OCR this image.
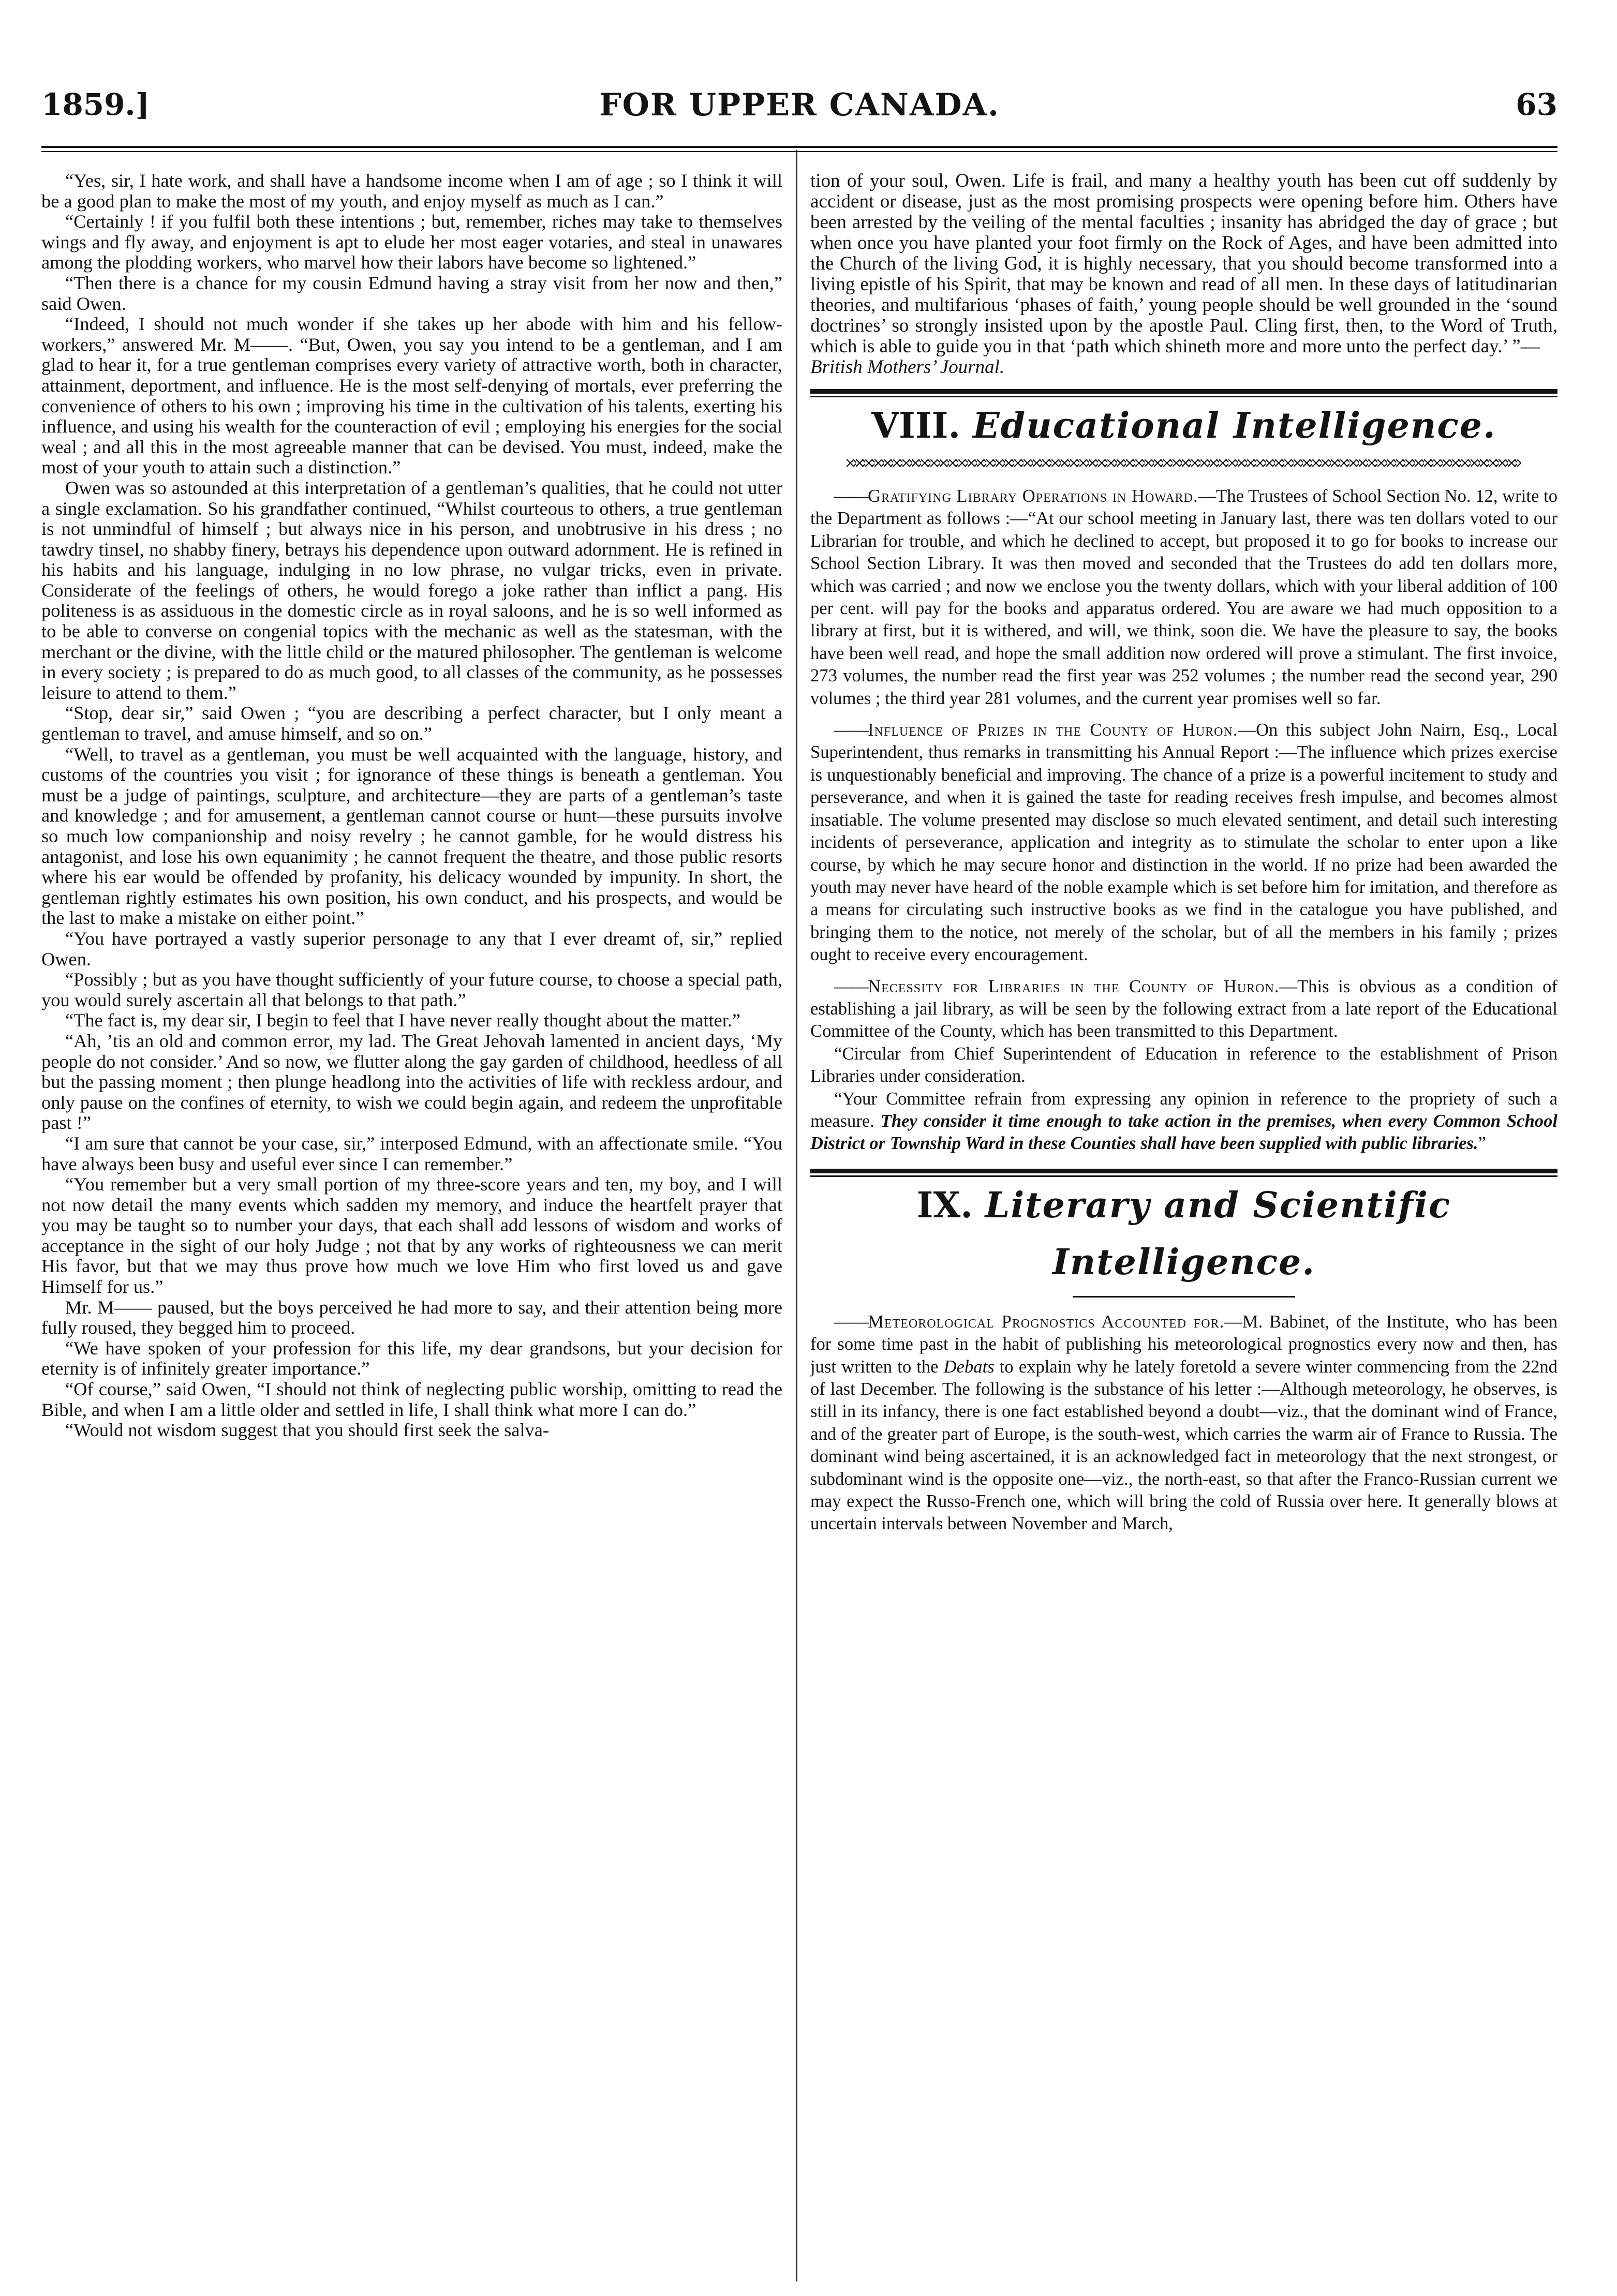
1859.]	FOR UPPER CANADA.	63

“Yes, sir, I hate work, and shall have a handsome income when I am of age ; so I think it will be a good plan to make the most of my youth, and enjoy myself as much as I can.”

“Certainly ! if you fulfil both these intentions ; but, remember, riches may take to themselves wings and fly away, and enjoyment is apt to elude her most eager votaries, and steal in unawares among the plodding workers, who marvel how their labors have become so lightened.”

“Then there is a chance for my cousin Edmund having a stray visit from her now and then,” said Owen.

“Indeed, I should not much wonder if she takes up her abode with him and his fellow-workers,” answered Mr. M——. “But, Owen, you say you intend to be a gentleman, and I am glad to hear it, for a true gentleman comprises every variety of attractive worth, both in character, attainment, deportment, and influence. He is the most self-denying of mortals, ever preferring the convenience of others to his own ; improving his time in the cultivation of his talents, exerting his influence, and using his wealth for the counteraction of evil ; employing his energies for the social weal ; and all this in the most agreeable manner that can be devised. You must, indeed, make the most of your youth to attain such a distinction.”

Owen was so astounded at this interpretation of a gentleman’s qualities, that he could not utter a single exclamation. So his grandfather continued, “Whilst courteous to others, a true gentleman is not unmindful of himself ; but always nice in his person, and unobtrusive in his dress ; no tawdry tinsel, no shabby finery, betrays his dependence upon outward adornment. He is refined in his habits and his language, indulging in no low phrase, no vulgar tricks, even in private. Considerate of the feelings of others, he would forego a joke rather than inflict a pang. His politeness is as assiduous in the domestic circle as in royal saloons, and he is so well informed as to be able to converse on congenial topics with the mechanic as well as the statesman, with the merchant or the divine, with the little child or the matured philosopher. The gentleman is welcome in every society ; is prepared to do as much good, to all classes of the community, as he possesses leisure to attend to them.”

“Stop, dear sir,” said Owen ; “you are describing a perfect character, but I only meant a gentleman to travel, and amuse himself, and so on.”

“Well, to travel as a gentleman, you must be well acquainted with the language, history, and customs of the countries you visit ; for ignorance of these things is beneath a gentleman. You must be a judge of paintings, sculpture, and architecture—they are parts of a gentleman’s taste and knowledge ; and for amusement, a gentleman cannot course or hunt—these pursuits involve so much low companionship and noisy revelry ; he cannot gamble, for he would distress his antagonist, and lose his own equanimity ; he cannot frequent the theatre, and those public resorts where his ear would be offended by profanity, his delicacy wounded by impunity. In short, the gentleman rightly estimates his own position, his own conduct, and his prospects, and would be the last to make a mistake on either point.”

“You have portrayed a vastly superior personage to any that I ever dreamt of, sir,” replied Owen.

“Possibly ; but as you have thought sufficiently of your future course, to choose a special path, you would surely ascertain all that belongs to that path.”

“The fact is, my dear sir, I begin to feel that I have never really thought about the matter.”

“Ah, ’tis an old and common error, my lad. The Great Jehovah lamented in ancient days, ‘My people do not consider.’ And so now, we flutter along the gay garden of childhood, heedless of all but the passing moment ; then plunge headlong into the activities of life with reckless ardour, and only pause on the confines of eternity, to wish we could begin again, and redeem the unprofitable past !”

“I am sure that cannot be your case, sir,” interposed Edmund, with an affectionate smile. “You have always been busy and useful ever since I can remember.”

“You remember but a very small portion of my three-score years and ten, my boy, and I will not now detail the many events which sadden my memory, and induce the heartfelt prayer that you may be taught so to number your days, that each shall add lessons of wisdom and works of acceptance in the sight of our holy Judge ; not that by any works of righteousness we can merit His favor, but that we may thus prove how much we love Him who first loved us and gave Himself for us.”

Mr. M—— paused, but the boys perceived he had more to say, and their attention being more fully roused, they begged him to proceed.

“We have spoken of your profession for this life, my dear grandsons, but your decision for eternity is of infinitely greater importance.”

“Of course,” said Owen, “I should not think of neglecting public worship, omitting to read the Bible, and when I am a little older and settled in life, I shall think what more I can do.”

“Would not wisdom suggest that you should first seek the salva-

tion of your soul, Owen. Life is frail, and many a healthy youth has been cut off suddenly by accident or disease, just as the most promising prospects were opening before him. Others have been arrested by the veiling of the mental faculties ; insanity has abridged the day of grace ; but when once you have planted your foot firmly on the Rock of Ages, and have been admitted into the Church of the living God, it is highly necessary, that you should become transformed into a living epistle of his Spirit, that may be known and read of all men. In these days of latitudinarian theories, and multifarious ‘phases of faith,’ young people should be well grounded in the ‘sound doctrines’ so strongly insisted upon by the apostle Paul. Cling first, then, to the Word of Truth, which is able to guide you in that ‘path which shineth more and more unto the perfect day.’ ”—
British Mothers’ Journal.

VIII. Educational Intelligence.

——Gratifying Library Operations in Howard.—The Trustees of School Section No. 12, write to the Department as follows :—“At our school meeting in January last, there was ten dollars voted to our Librarian for trouble, and which he declined to accept, but proposed it to go for books to increase our School Section Library. It was then moved and seconded that the Trustees do add ten dollars more, which was carried ; and now we enclose you the twenty dollars, which with your liberal addition of 100 per cent. will pay for the books and apparatus ordered. You are aware we had much opposition to a library at first, but it is withered, and will, we think, soon die. We have the pleasure to say, the books have been well read, and hope the small addition now ordered will prove a stimulant. The first invoice, 273 volumes, the number read the first year was 252 volumes ; the number read the second year, 290 volumes ; the third year 281 volumes, and the current year promises well so far.

——Influence of Prizes in the County of Huron.—On this subject John Nairn, Esq., Local Superintendent, thus remarks in transmitting his Annual Report :—The influence which prizes exercise is unquestionably beneficial and improving. The chance of a prize is a powerful incitement to study and perseverance, and when it is gained the taste for reading receives fresh impulse, and becomes almost insatiable. The volume presented may disclose so much elevated sentiment, and detail such interesting incidents of perseverance, application and integrity as to stimulate the scholar to enter upon a like course, by which he may secure honor and distinction in the world. If no prize had been awarded the youth may never have heard of the noble example which is set before him for imitation, and therefore as a means for circulating such instructive books as we find in the catalogue you have published, and bringing them to the notice, not merely of the scholar, but of all the members in his family ; prizes ought to receive every encouragement.

——Necessity for Libraries in the County of Huron.—This is obvious as a condition of establishing a jail library, as will be seen by the following extract from a late report of the Educational Committee of the County, which has been transmitted to this Department.

“Circular from Chief Superintendent of Education in reference to the establishment of Prison Libraries under consideration.

“Your Committee refrain from expressing any opinion in reference to the propriety of such a measure. They consider it time enough to take action in the premises, when every Common School District or Township Ward in these Counties shall have been supplied with public libraries.”

IX. Literary and Scientific Intelligence.

——Meteorological Prognostics Accounted for.—M. Babinet, of the Institute, who has been for some time past in the habit of publishing his meteorological prognostics every now and then, has just written to the Debats to explain why he lately foretold a severe winter commencing from the 22nd of last December. The following is the substance of his letter :—Although meteorology, he observes, is still in its infancy, there is one fact established beyond a doubt—viz., that the dominant wind of France, and of the greater part of Europe, is the south-west, which carries the warm air of France to Russia. The dominant wind being ascertained, it is an acknowledged fact in meteorology that the next strongest, or subdominant wind is the opposite one—viz., the north-east, so that after the Franco-Russian current we may expect the Russo-French one, which will bring the cold of Russia over here. It generally blows at uncertain intervals between November and March,
